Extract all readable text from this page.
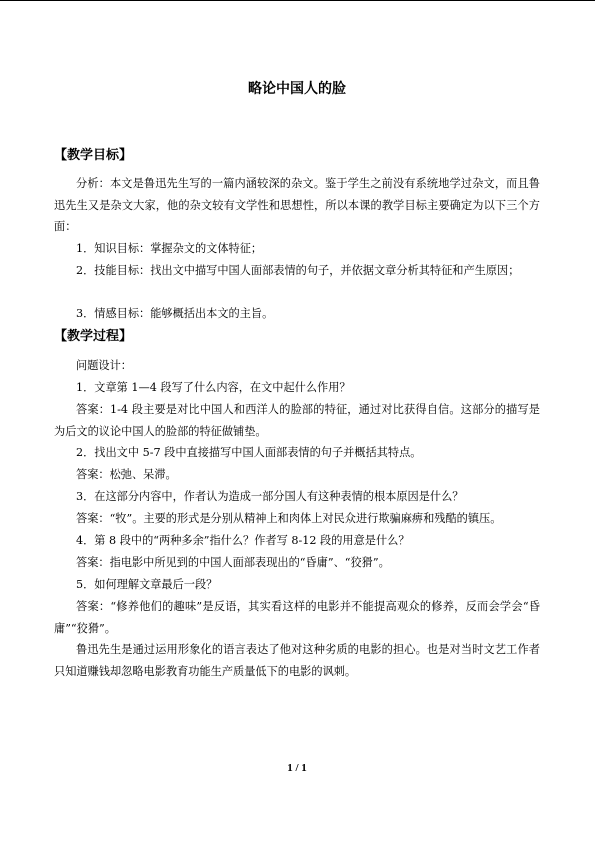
略论中国人的脸
【教学目标】
分析：本文是鲁迅先生写的一篇内涵较深的杂文。鉴于学生之前没有系统地学过杂文，而且鲁迅先生又是杂文大家，他的杂文较有文学性和思想性，所以本课的教学目标主要确定为以下三个方面：
1．知识目标：掌握杂文的文体特征；
2．技能目标：找出文中描写中国人面部表情的句子，并依据文章分析其特征和产生原因；
3．情感目标：能够概括出本文的主旨。
【教学过程】
问题设计：
1．文章第 1—4 段写了什么内容，在文中起什么作用？
答案：1-4 段主要是对比中国人和西洋人的脸部的特征，通过对比获得自信。这部分的描写是为后文的议论中国人的脸部的特征做铺垫。
2．找出文中 5-7 段中直接描写中国人面部表情的句子并概括其特点。
答案：松弛、呆滞。
3．在这部分内容中，作者认为造成一部分国人有这种表情的根本原因是什么？
答案：“牧”。主要的形式是分别从精神上和肉体上对民众进行欺骗麻痹和残酷的镇压。
4．第 8 段中的“两种多余”指什么？作者写 8-12 段的用意是什么？
答案：指电影中所见到的中国人面部表现出的“昏庸”、“狡猾”。
5．如何理解文章最后一段？
答案：“修养他们的趣味”是反语，其实看这样的电影并不能提高观众的修养，反而会学会“昏庸”“狡猾”。
鲁迅先生是通过运用形象化的语言表达了他对这种劣质的电影的担心。也是对当时文艺工作者只知道赚钱却忽略电影教育功能生产质量低下的电影的讽刺。
1 / 1
